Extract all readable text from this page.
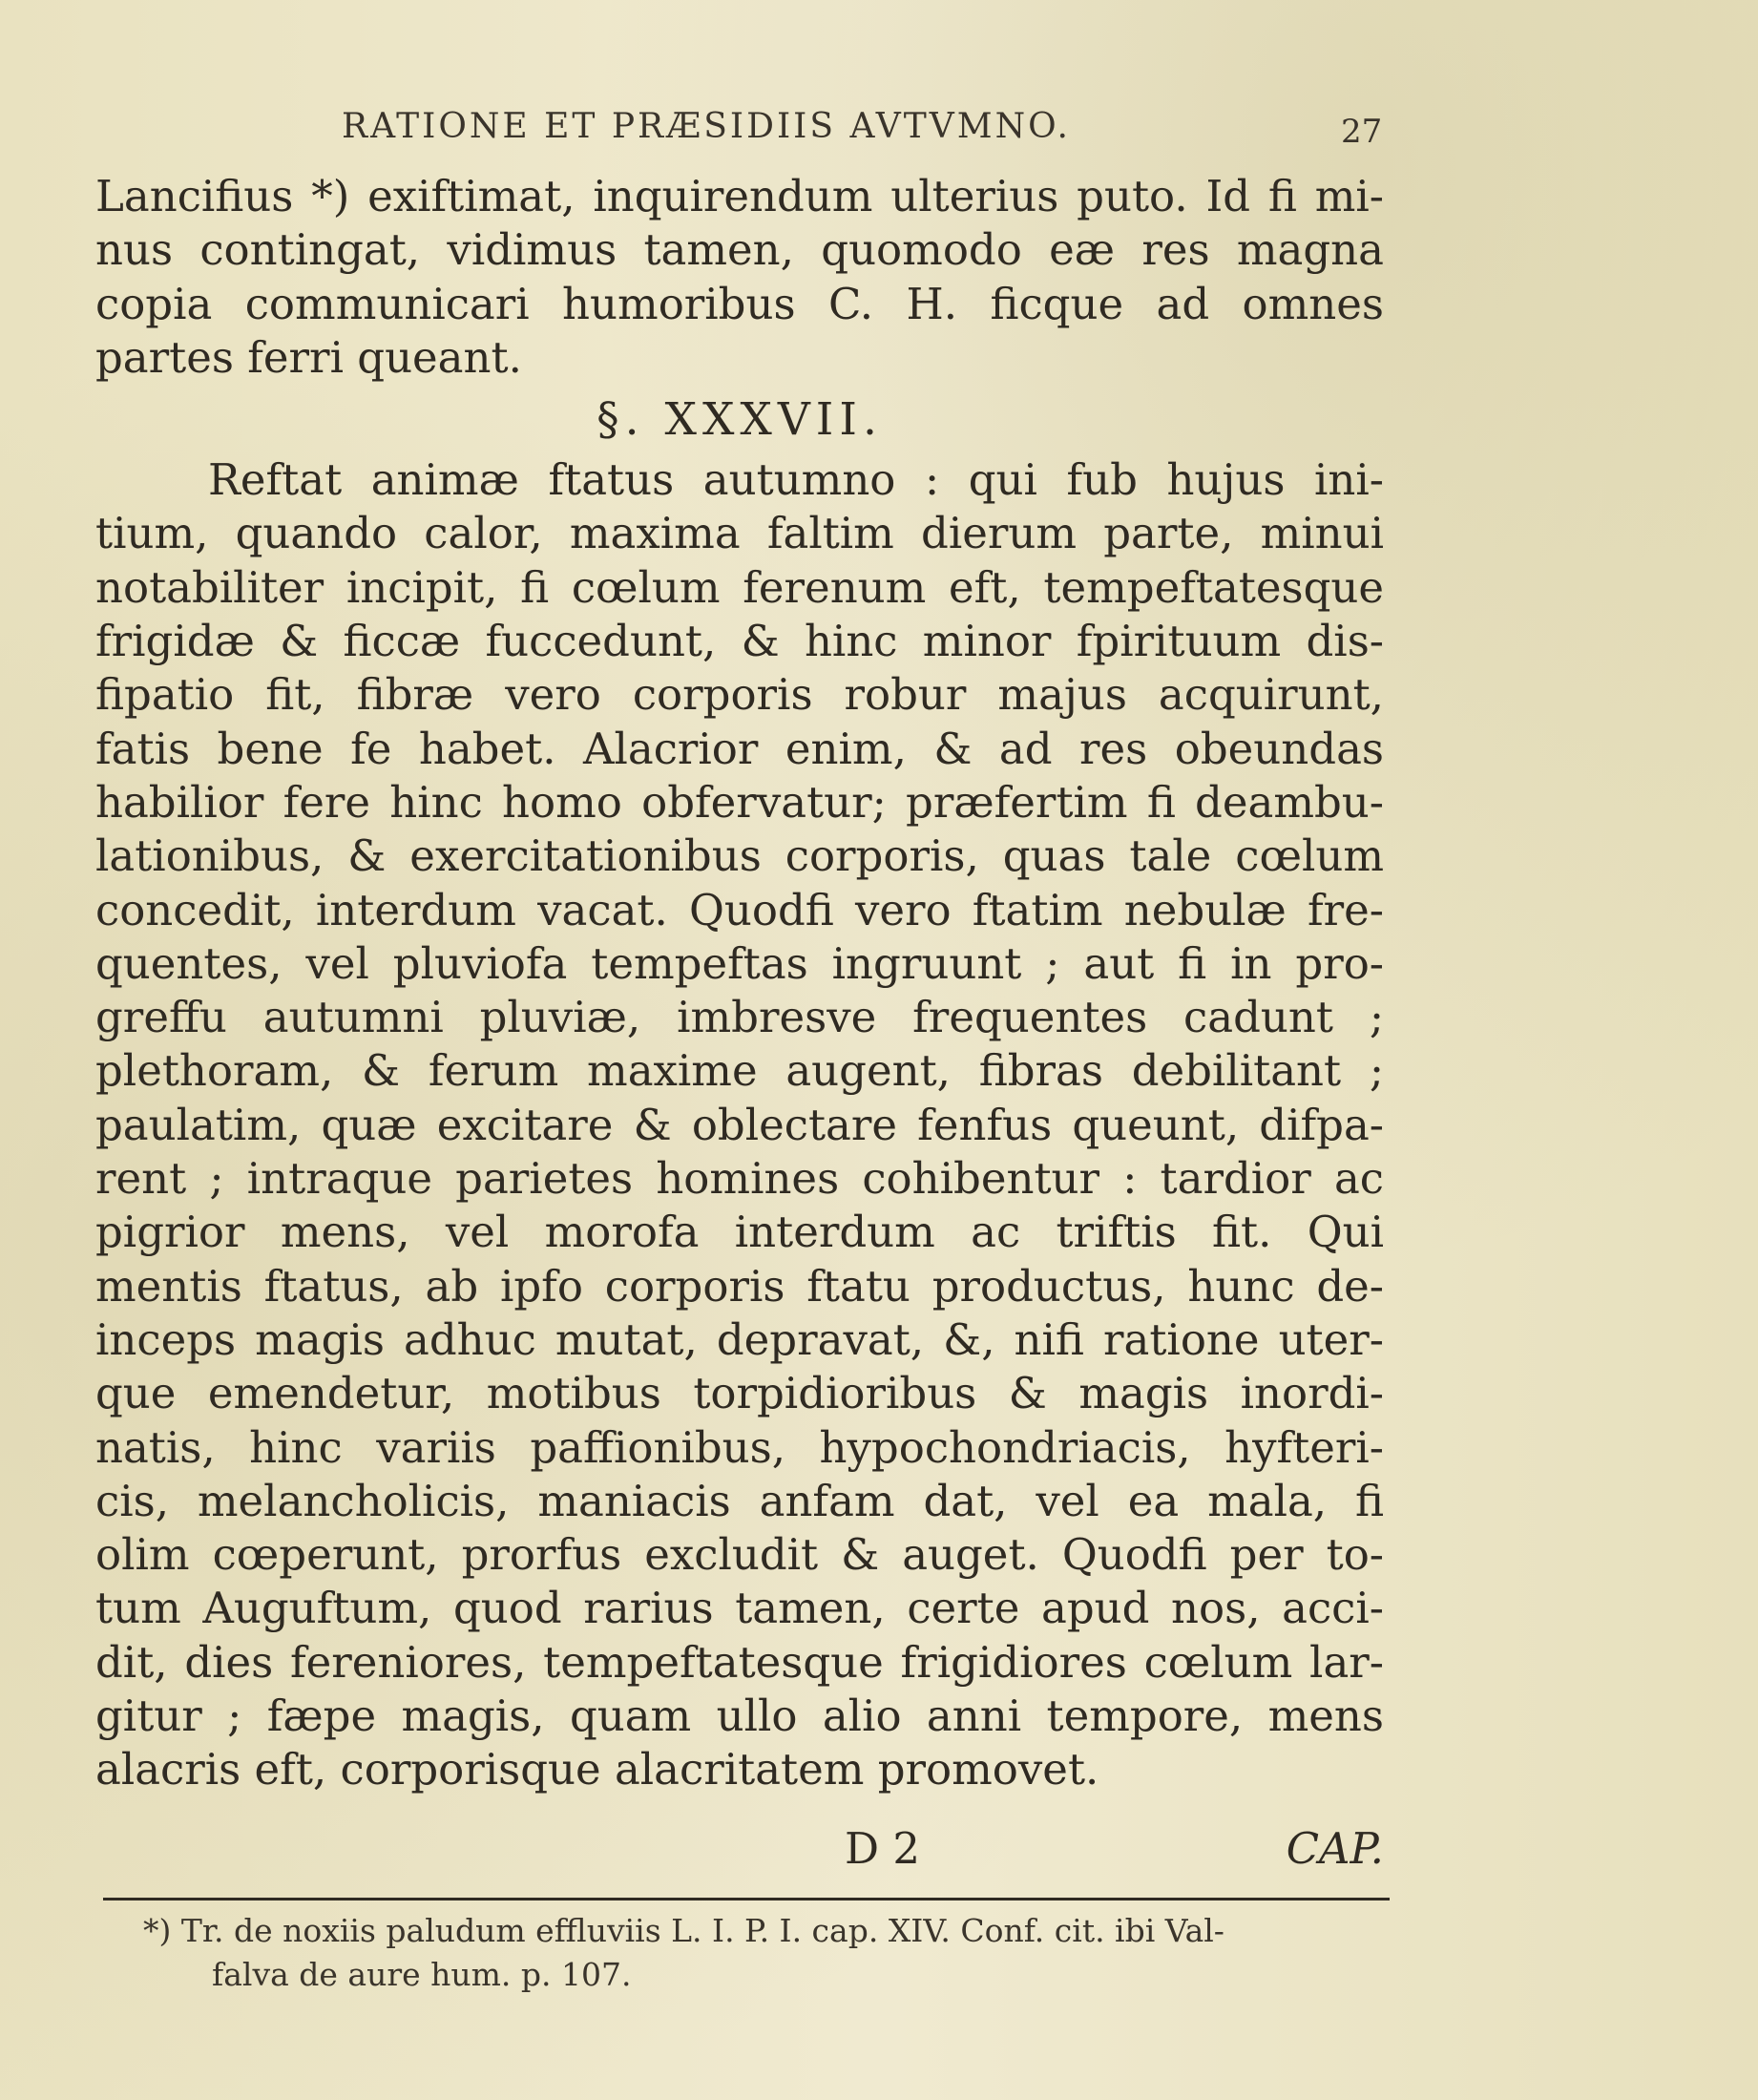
RATIONE ET PRÆSIDIIS AVTVMNO.	27
Lancifius *) exiftimat, inquirendum ulterius puto. Id fi mi-
nus contingat, vidimus tamen, quomodo eæ res magna
copia communicari humoribus C. H. ficque ad omnes
partes ferri queant.
§. XXXVII.
Reftat animæ ftatus autumno : qui fub hujus ini-
tium, quando calor, maxima faltim dierum parte, minui
notabiliter incipit, fi cœlum ferenum eft, tempeftatesque
frigidæ & ficcæ fuccedunt, & hinc minor fpirituum dis-
fipatio fit, fibræ vero corporis robur majus acquirunt,
fatis bene fe habet. Alacrior enim, & ad res obeundas
habilior fere hinc homo obfervatur; præfertim fi deambu-
lationibus, & exercitationibus corporis, quas tale cœlum
concedit, interdum vacat. Quodfi vero ftatim nebulæ fre-
quentes, vel pluviofa tempeftas ingruunt ; aut fi in pro-
greffu autumni pluviæ, imbresve frequentes cadunt ;
plethoram, & ferum maxime augent, fibras debilitant ;
paulatim, quæ excitare & oblectare fenfus queunt, difpa-
rent ; intraque parietes homines cohibentur : tardior ac
pigrior mens, vel morofa interdum ac triftis fit. Qui
mentis ftatus, ab ipfo corporis ftatu productus, hunc de-
inceps magis adhuc mutat, depravat, &, nifi ratione uter-
que emendetur, motibus torpidioribus & magis inordi-
natis, hinc variis paffionibus, hypochondriacis, hyfteri-
cis, melancholicis, maniacis anfam dat, vel ea mala, fi
olim cœperunt, prorfus excludit & auget. Quodfi per to-
tum Auguftum, quod rarius tamen, certe apud nos, acci-
dit, dies fereniores, tempeftatesque frigidiores cœlum lar-
gitur ; fæpe magis, quam ullo alio anni tempore, mens
alacris eft, corporisque alacritatem promovet.
D 2	CAP.
*) Tr. de noxiis paludum effluviis L. I. P. I. cap. XIV. Conf. cit. ibi Val-
falva de aure hum. p. 107.
